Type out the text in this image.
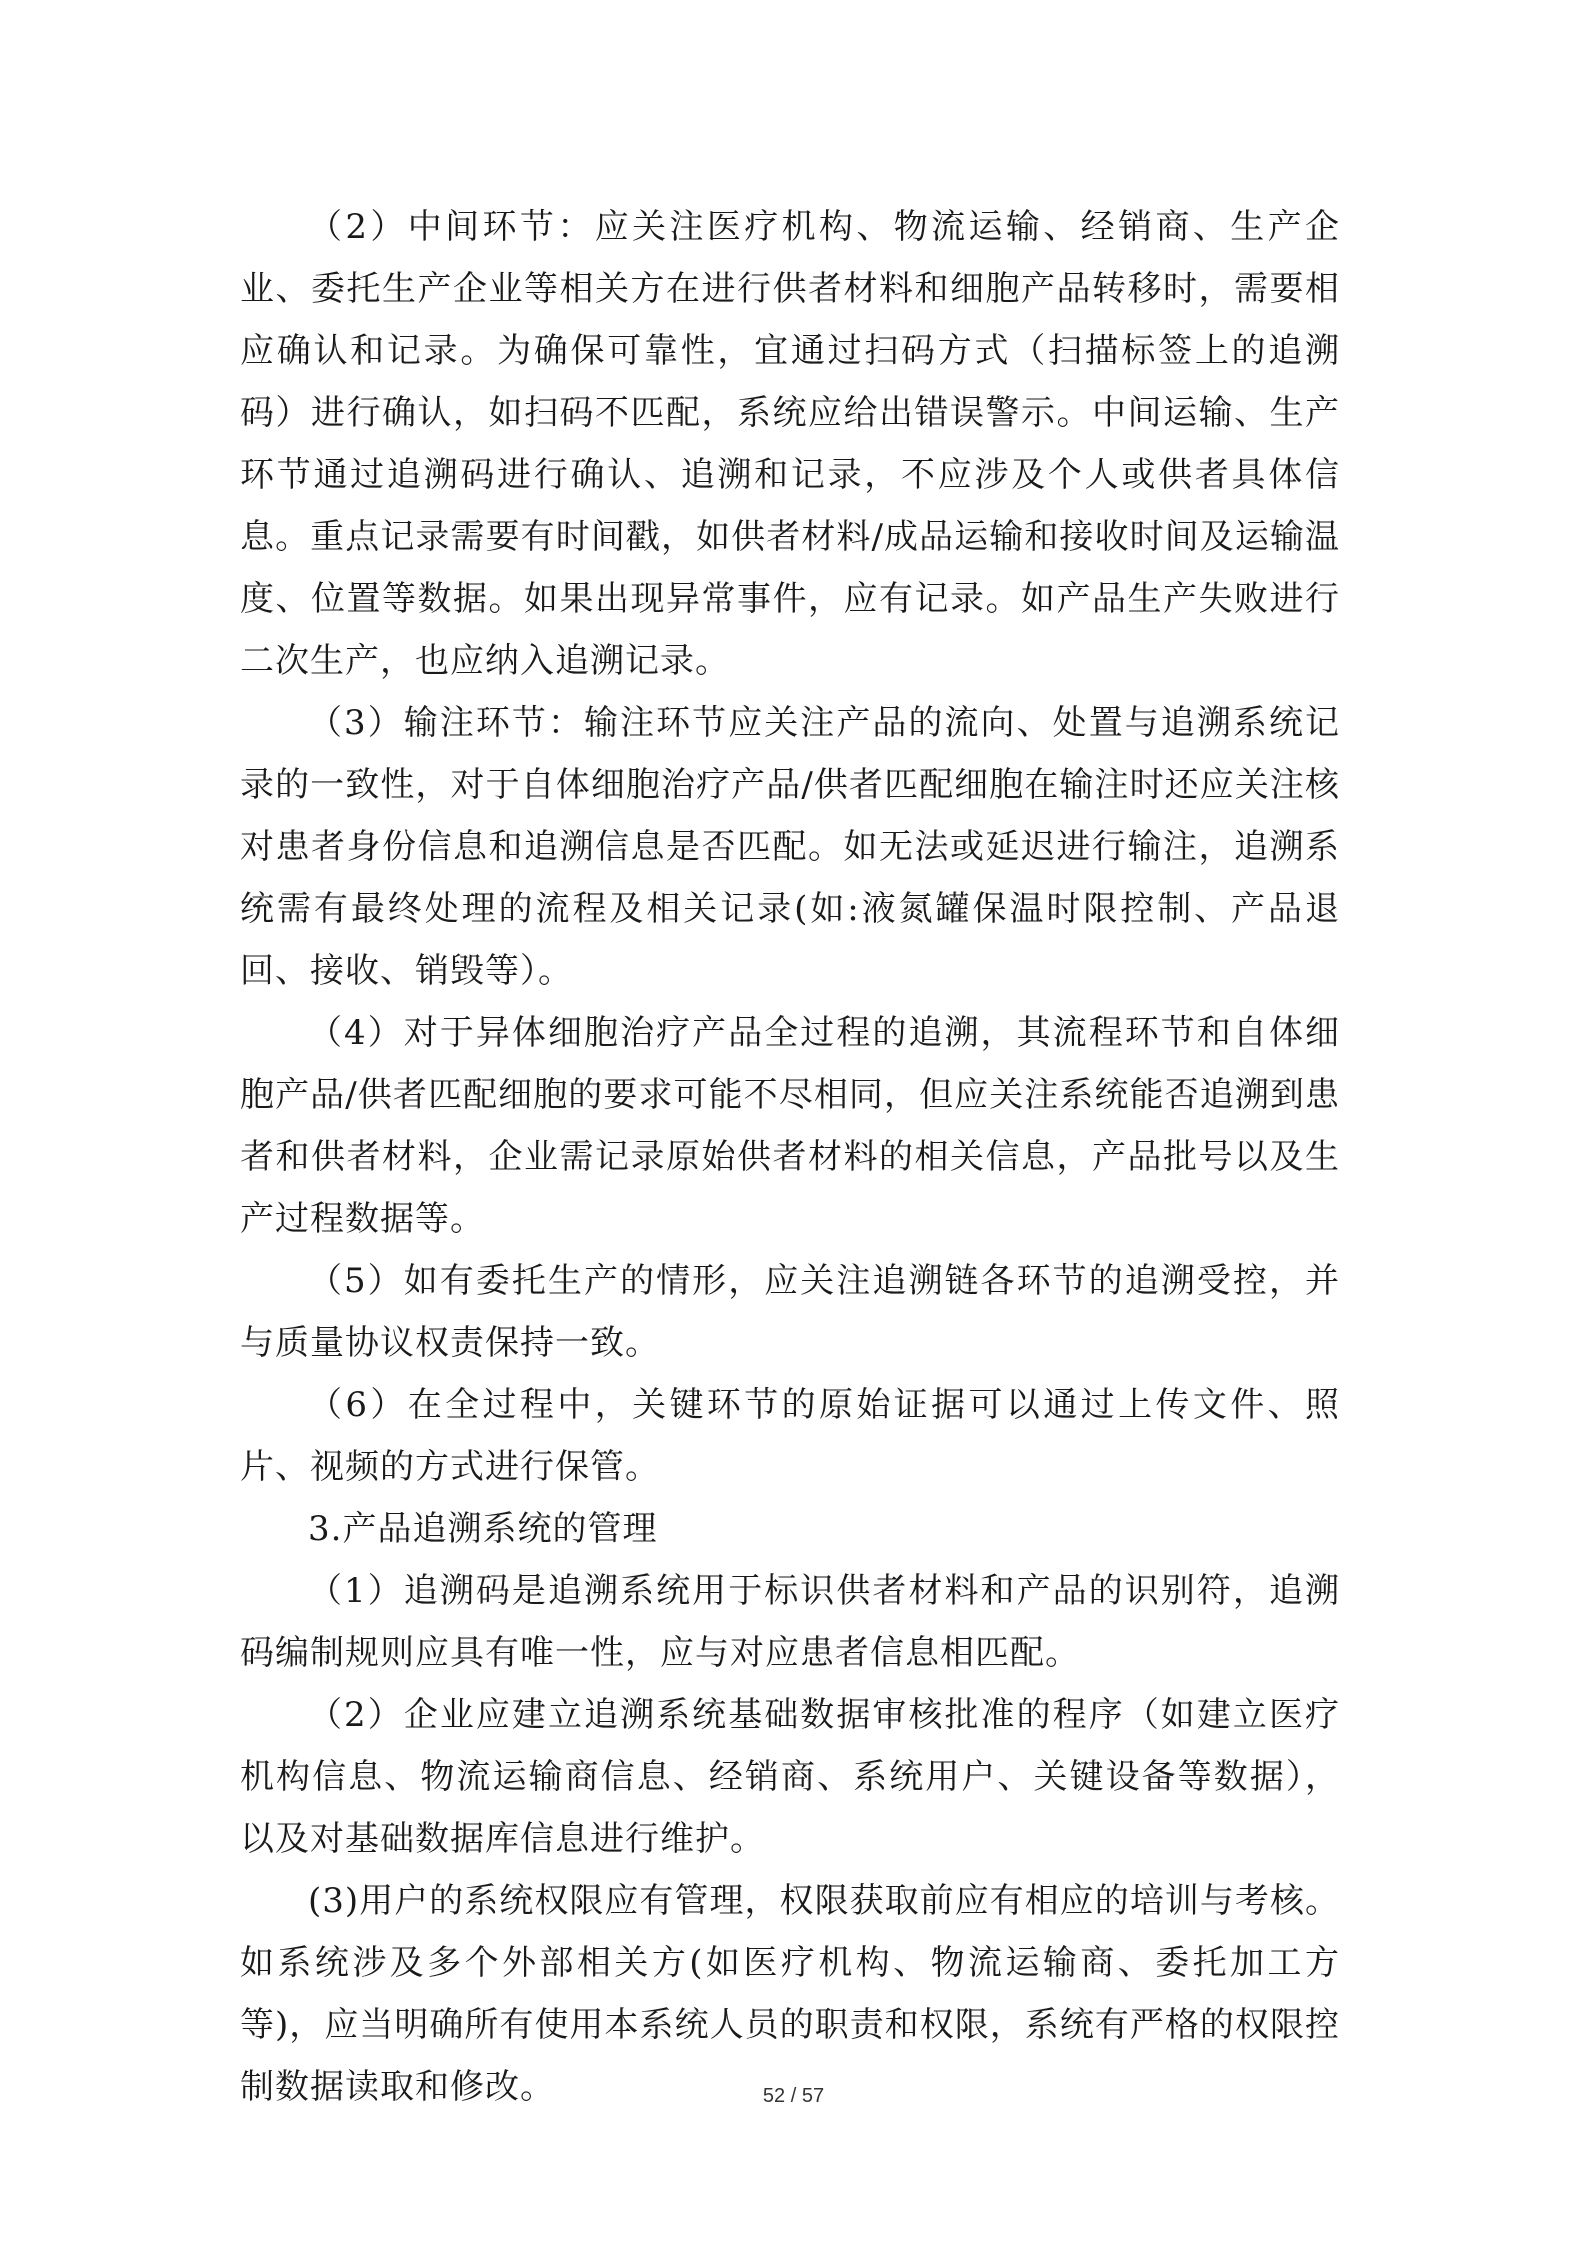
（2）中间环节：应关注医疗机构、物流运输、经销商、生产企业、委托生产企业等相关方在进行供者材料和细胞产品转移时，需要相应确认和记录。为确保可靠性，宜通过扫码方式（扫描标签上的追溯码）进行确认，如扫码不匹配，系统应给出错误警示。中间运输、生产环节通过追溯码进行确认、追溯和记录，不应涉及个人或供者具体信息。重点记录需要有时间戳，如供者材料/成品运输和接收时间及运输温度、位置等数据。如果出现异常事件，应有记录。如产品生产失败进行二次生产，也应纳入追溯记录。

（3）输注环节：输注环节应关注产品的流向、处置与追溯系统记录的一致性，对于自体细胞治疗产品/供者匹配细胞在输注时还应关注核对患者身份信息和追溯信息是否匹配。如无法或延迟进行输注，追溯系统需有最终处理的流程及相关记录(如:液氮罐保温时限控制、产品退回、接收、销毁等）。

（4）对于异体细胞治疗产品全过程的追溯，其流程环节和自体细胞产品/供者匹配细胞的要求可能不尽相同，但应关注系统能否追溯到患者和供者材料，企业需记录原始供者材料的相关信息，产品批号以及生产过程数据等。

（5）如有委托生产的情形，应关注追溯链各环节的追溯受控，并与质量协议权责保持一致。

（6）在全过程中，关键环节的原始证据可以通过上传文件、照片、视频的方式进行保管。

3.产品追溯系统的管理

（1）追溯码是追溯系统用于标识供者材料和产品的识别符，追溯码编制规则应具有唯一性，应与对应患者信息相匹配。

（2）企业应建立追溯系统基础数据审核批准的程序（如建立医疗机构信息、物流运输商信息、经销商、系统用户、关键设备等数据），以及对基础数据库信息进行维护。

(3)用户的系统权限应有管理，权限获取前应有相应的培训与考核。如系统涉及多个外部相关方(如医疗机构、物流运输商、委托加工方等)，应当明确所有使用本系统人员的职责和权限，系统有严格的权限控制数据读取和修改。	52 / 57
